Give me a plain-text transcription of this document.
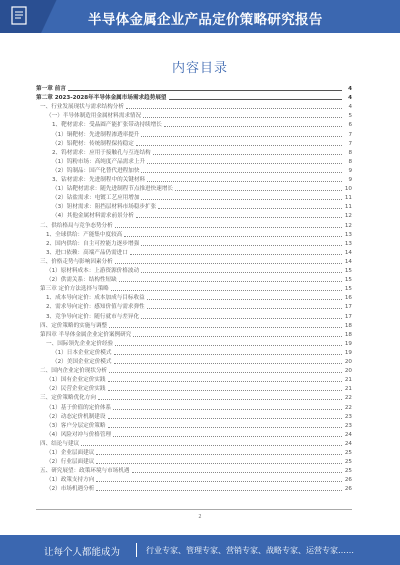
半导体金属企业产品定价策略研究报告
内容目录
第一章 前言	4
第二章 2023-2028年半导体金属市场需求趋势展望	4
一、行业发展现状与需求结构分析	4
（一）半导体制造用金属材料需求情况	5
1、靶材需求：受晶圆产能扩张带动持续增长	6
（1）铜靶材：先进制程渗透率提升	7
（2）铝靶材：传统制程保持稳定	7
2、钨材需求：应用于接触孔与互连结构	8
（1）钨粉市场：高纯度产品需求上升	8
（2）钨制品：国产化替代进程加快	9
3、钴材需求：先进制程中的关键材料	9
（1）钴靶材需求：随先进制程节点推进快速增长	10
（2）钴盐需求：电镀工艺应用增加	11
（3）钽材需求：阻挡层材料市场稳步扩张	11
（4）其他金属材料需求前景分析	12
二、供给格局与竞争态势分析	12
1、全球供给：产能集中度较高	13
2、国内供给：自主可控能力逐步增强	13
3、进口依赖：高端产品仍需进口	14
三、价格走势与影响因素分析	14
（1）原材料成本：上游资源价格波动	15
（2）供需关系：结构性短缺	15
第三章 定价方法选择与策略	15
1、成本导向定价：成本加成与目标收益	16
2、需求导向定价：感知价值与需求弹性	17
3、竞争导向定价：随行就市与差异化	17
四、定价策略的实施与调整	18
第四章 半导体金属企业定价案例研究	18
一、国际领先企业定价经验	19
（1）日本企业定价模式	19
（2）美国企业定价模式	20
二、国内企业定价现状分析	20
（1）国有企业定价实践	21
（2）民营企业定价实践	21
三、定价策略优化方向	22
（1）基于价值的定价体系	22
（2）动态定价机制建设	23
（3）客户分层定价策略	23
（4）风险对冲与价格管理	24
四、结论与建议	24
（1）企业层面建议	25
（2）行业层面建议	25
五、研究展望：政策环境与市场机遇	25
（1）政策支持方向	26
（2）市场机遇分析	26
2
让每个人都能成为	行业专家、管理专家、营销专家、战略专家、运营专家……
